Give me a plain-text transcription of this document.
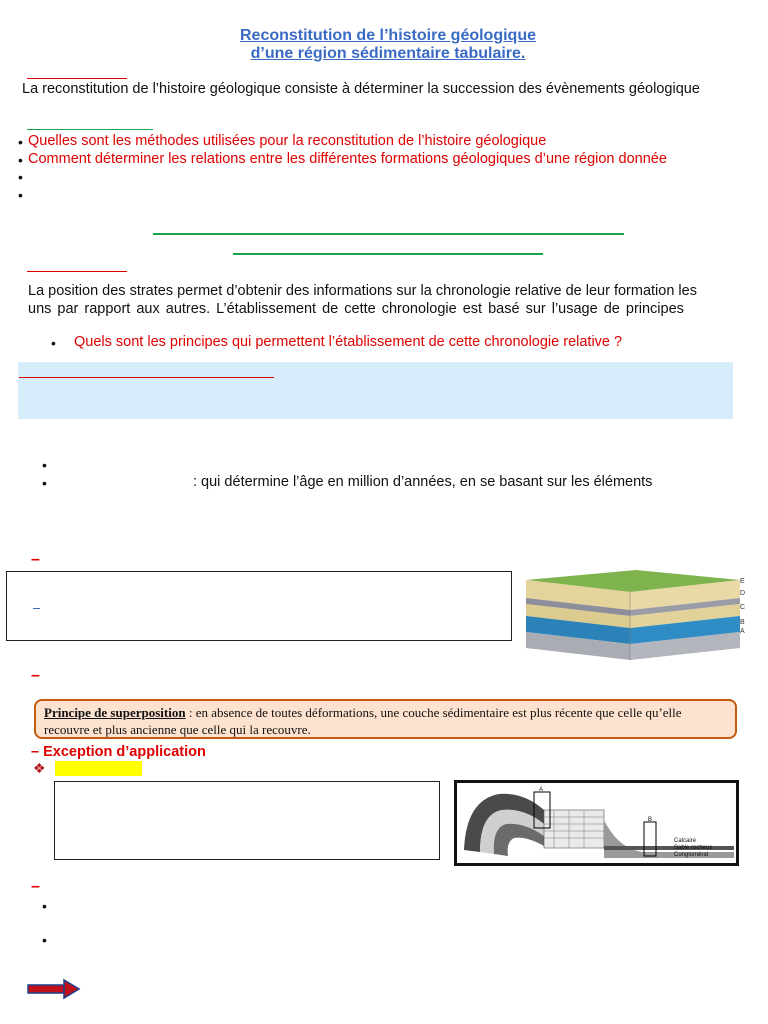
Reconstitution de l’histoire géologique
d’une région sédimentaire tabulaire.
La reconstitution de l’histoire géologique consiste à déterminer la succession des évènements géologique
• Quelles sont les méthodes utilisées pour la reconstitution de l’histoire géologique
• Comment déterminer les relations entre les différentes formations géologiques d’une région donnée
•
•
La position des strates permet d’obtenir des informations sur la chronologie relative de leur formation les
uns par rapport aux autres. L’établissement de cette chronologie est basé sur l’usage de principes
• Quels sont les principes qui permettent l’établissement de cette chronologie relative ?
•
•	: qui détermine l’âge en million d’années, en se basant sur les éléments
–
E
D
C
B
A
–
Principe de superposition : en absence de toutes déformations, une couche sédimentaire est plus récente que celle qu’elle recouvre et plus ancienne que celle qui la recouvre.
– Exception d’application
❖
A
B
Calcaire
Sable rocheux
Conglomérat
–
•
•
